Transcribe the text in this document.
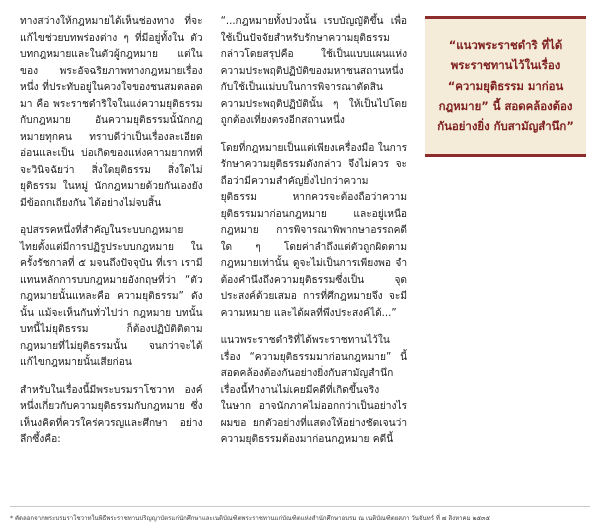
ทางสว่างให้กฎหมายได้เห็นช่องทาง ที่จะแก้ไขช่วยบทพร่องต่าง ๆ ที่มีอยู่ทั้งใน ตัวบทกฎหมายและในตัวผู้กฎหมาย แต่ในของ พระอัจฉริยภาพทางกฎหมายเรื่องหนึ่ง ที่ประทับอยู่ในควงใจของชนสมตลอดมา คือ พระราชดำริใจในแง่ความยุติธรรมกับกฎหมาย อันความยุติธรรมนั้นักกฎหมายทุกคน ทราบดีว่าเป็นเรื่องละเอียดอ่อนและเป็น บ่อเกิดของแห่งคาามยากทที่จะวินิจฉัยว่า สิ่งใดยุติธรรม สิ่งใดไม่ยุติธรรม ในหมู่ นักกฎหมายด้วยกันเองยังมีข้อถกเถียงกัน ได้อย่างไม่จบสิ้น

อุปสรรคหนึ่งที่สำคัญในระบบกฎหมาย ไทยตั้งแต่มีการปฏิรูประบบกฎหมาย ในครั้งรัชกาลที่ ๕ มจนถึงปัจจุบัน ที่เรา เรามีแทนหลักการบบกฎหมายอังกฤษที่ว่า “ตัวกฎหมายนั้นแหละคือ ความยุติธรรม” ดังนั้น แม้จะเห็นกันทั่วไปว่า กฎหมาย บทนั้นบทนี้ไม่ยุติธรรม ก็ต้องปฏิบัติติตาม กฎหมายที่ไม่ยุติธรรมนั้น จนกว่าจะได้ แก้ไขกฎหมายนั้นเสียก่อน

สำหรับในเรื่องนี้มีพระบรมราโชวาท องค์หนึ่งเกี่ยวกับความยุติธรรมกับกฎหมาย ซึ่งเห็นงคิดที่ควรใคร่ควรญและศึกษา อย่างลึกซึ้งคือ:

“...กฎหมายทั้งปวงนั้น เรบบัญญัติขึ้น เพื่อใช้เป็นปัจจัยสำหรับรักษาความยุติธรรม กล่าวโดยสรุปคือ ใช้เป็นแบบแผนแห่ง ความประพฤติปฏิบัติของมหาชนสถานหนึ่ง กับใช้เป็นแม่บบในการพิจารณาตัดสิน ความประพฤติปฏิบัตินั้น ๆ ให้เป็นไปโดย ถูกต้องเที่ยงตรงอีกสถานหนึ่ง

โดยที่กฎหมายเป็นแต่เพียงเครื่องมือ ในการ รักษาความยุติธรรมดังกล่าว จึงไม่ควร จะถือว่ามีความสำคัญยิ่งไปกว่าความ ยุติธรรม หากควรจะต้องถือว่าความ ยุติธรรมมาก่อนกฎหมาย และอยู่เหนือ กฎหมาย การพิจารณาพิพากษาอรรถคดี ใด ๆ โดยค่าลำถึงแต่ตัวถูกผิดตาม กฎหมายเท่านั้น ดูจะไม่เป็นการเพียงพอ จำต้องคำนึงถึงความยุติธรรมซึ่งเป็น จุดประสงค์ด้วยเสมอ การที่ศึกฎหมายจึง จะมีความหมาย และได้ผลที่พึงประสงค์ได้...”

แนวพระราชดำริที่ได้พระราชทานไว้ใน เรื่อง “ความยุติธรรมมาก่อนกฎหมาย” นี้ สอดคล้องต้องกันอย่างยิ่งกับสามัญสำนึก เรื่องนี้ทำงานไม่เคยมีคดีที่เกิดขึ้นจริงในษาก อาจนักภาคไม่ออกกว่าเป็นอย่างไร ผมขอ ยกตัวอย่างที่แสดงให้อย่างชัดเจนว่า ความยุติธรรมต้องมาก่อนกฎหมาย คดีนี้

“แนวพระราชดำริ ที่ได้พระราชทานไว้ในเรื่อง “ความยุติธรรม มาก่อนกฎหมาย” นี้ สอดคล้องต้องกันอย่างยิ่ง กับสามัญสำนึก”

* คัดลอกจากพระบรมราโชวาทในพิธีพระราชทานปริญญาบัตรแก่นักศึกษาและเนติบัณฑิตพระราชทานแก่บัณฑิตแห่งสำนักศึกษาอบรม ณ เนติบัณฑิตยสภา วันจันทร์ ที่ ๗ สิงหาคม ๒๕๓๕
